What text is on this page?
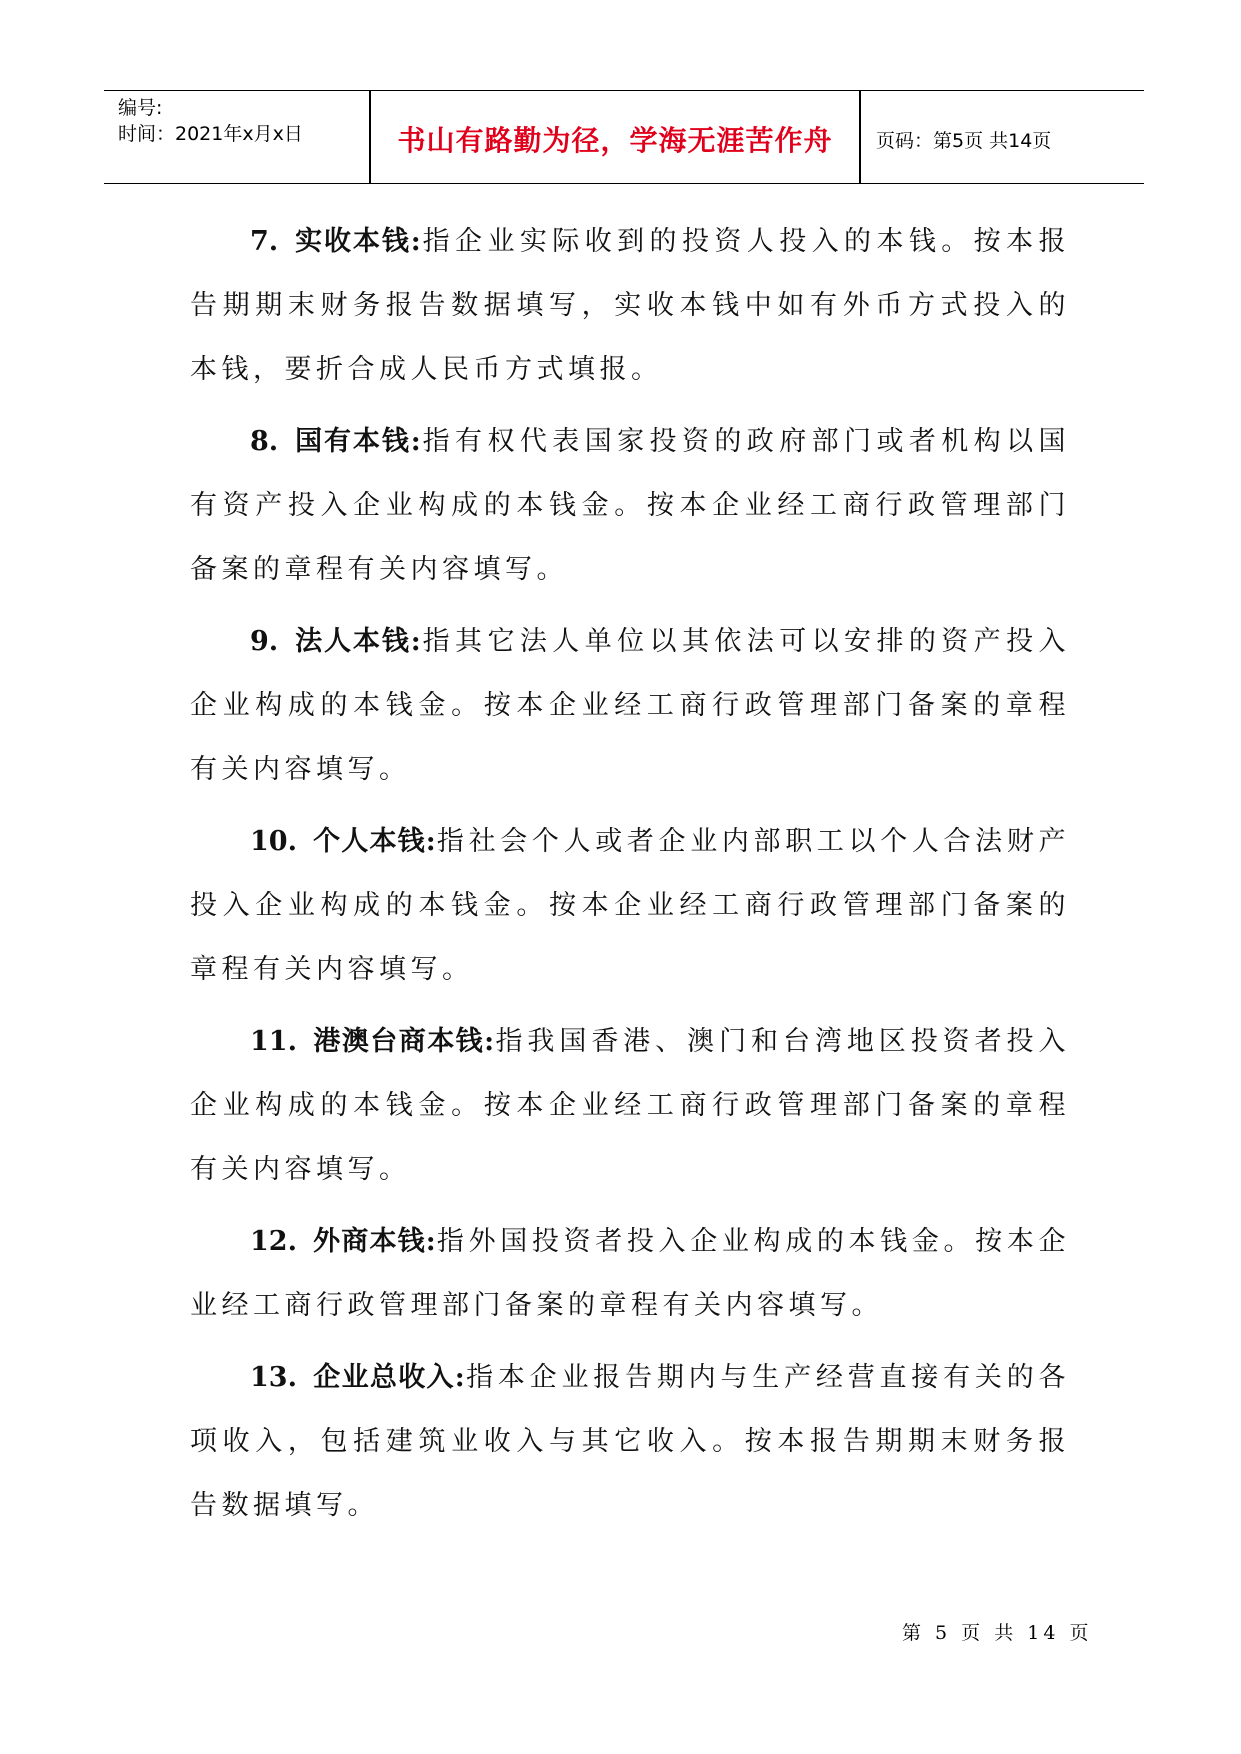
编号:
时间：2021年x月x日	书山有路勤为径，学海无涯苦作舟	页码：第5页 共14页

7. 实收本钱:指企业实际收到的投资人投入的本钱。按本报告期期末财务报告数据填写，实收本钱中如有外币方式投入的本钱，要折合成人民币方式填报。

8. 国有本钱:指有权代表国家投资的政府部门或者机构以国有资产投入企业构成的本钱金。按本企业经工商行政管理部门备案的章程有关内容填写。

9. 法人本钱:指其它法人单位以其依法可以安排的资产投入企业构成的本钱金。按本企业经工商行政管理部门备案的章程有关内容填写。

10. 个人本钱:指社会个人或者企业内部职工以个人合法财产投入企业构成的本钱金。按本企业经工商行政管理部门备案的章程有关内容填写。

11. 港澳台商本钱:指我国香港、澳门和台湾地区投资者投入企业构成的本钱金。按本企业经工商行政管理部门备案的章程有关内容填写。

12. 外商本钱:指外国投资者投入企业构成的本钱金。按本企业经工商行政管理部门备案的章程有关内容填写。

13. 企业总收入:指本企业报告期内与生产经营直接有关的各项收入，包括建筑业收入与其它收入。按本报告期期末财务报告数据填写。

第 5 页 共 14 页
